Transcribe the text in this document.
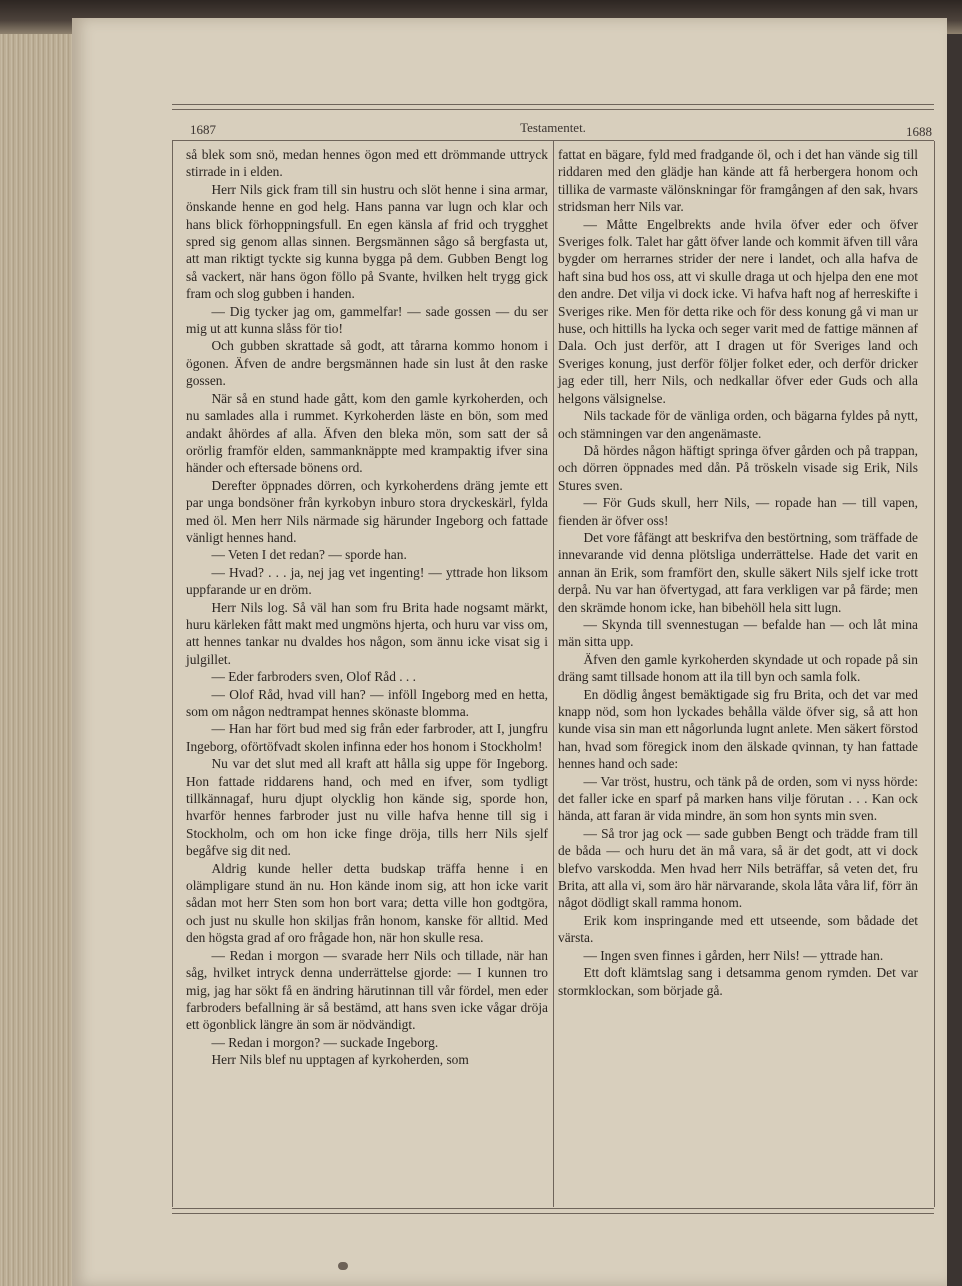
1687	Testamentet.	1688

så blek som snö, medan hennes ögon med ett drömmande uttryck stirrade in i elden.

Herr Nils gick fram till sin hustru och slöt henne i sina armar, önskande henne en god helg. Hans panna var lugn och klar och hans blick förhoppningsfull. En egen känsla af frid och trygghet spred sig genom allas sinnen. Bergsmännen sågo så bergfasta ut, att man riktigt tyckte sig kunna bygga på dem. Gubben Bengt log så vackert, när hans ögon föllo på Svante, hvilken helt trygg gick fram och slog gubben i handen.

— Dig tycker jag om, gammelfar! — sade gossen — du ser mig ut att kunna slåss för tio!

Och gubben skrattade så godt, att tårarna kommo honom i ögonen. Äfven de andre bergsmännen hade sin lust åt den raske gossen.

När så en stund hade gått, kom den gamle kyrkoherden, och nu samlades alla i rummet. Kyrkoherden läste en bön, som med andakt åhördes af alla. Äfven den bleka mön, som satt der så orörlig framför elden, sammanknäppte med krampaktig ifver sina händer och eftersade bönens ord.

Derefter öppnades dörren, och kyrkoherdens dräng jemte ett par unga bondsöner från kyrkobyn inburo stora dryckeskärl, fylda med öl. Men herr Nils närmade sig härunder Ingeborg och fattade vänligt hennes hand.

— Veten I det redan? — sporde han.

— Hvad? . . . ja, nej jag vet ingenting! — yttrade hon liksom uppfarande ur en dröm.

Herr Nils log. Så väl han som fru Brita hade nogsamt märkt, huru kärleken fått makt med ungmöns hjerta, och huru var viss om, att hennes tankar nu dvaldes hos någon, som ännu icke visat sig i julgillet.

— Eder farbroders sven, Olof Råd . . .

— Olof Råd, hvad vill han? — inföll Ingeborg med en hetta, som om någon nedtrampat hennes skönaste blomma.

— Han har fört bud med sig från eder farbroder, att I, jungfru Ingeborg, oförtöfvadt skolen infinna eder hos honom i Stockholm!

Nu var det slut med all kraft att hålla sig uppe för Ingeborg. Hon fattade riddarens hand, och med en ifver, som tydligt tillkännagaf, huru djupt olycklig hon kände sig, sporde hon, hvarför hennes farbroder just nu ville hafva henne till sig i Stockholm, och om hon icke finge dröja, tills herr Nils sjelf begåfve sig dit ned.

Aldrig kunde heller detta budskap träffa henne i en olämpligare stund än nu. Hon kände inom sig, att hon icke varit sådan mot herr Sten som hon bort vara; detta ville hon godtgöra, och just nu skulle hon skiljas från honom, kanske för alltid. Med den högsta grad af oro frågade hon, när hon skulle resa.

— Redan i morgon — svarade herr Nils och tillade, när han såg, hvilket intryck denna underrättelse gjorde: — I kunnen tro mig, jag har sökt få en ändring härutinnan till vår fördel, men eder farbroders befallning är så bestämd, att hans sven icke vågar dröja ett ögonblick längre än som är nödvändigt.

— Redan i morgon? — suckade Ingeborg.

Herr Nils blef nu upptagen af kyrkoherden, som

fattat en bägare, fyld med fradgande öl, och i det han vände sig till riddaren med den glädje han kände att få herbergera honom och tillika de varmaste välönskningar för framgången af den sak, hvars stridsman herr Nils var.

— Måtte Engelbrekts ande hvila öfver eder och öfver Sveriges folk. Talet har gått öfver lande och kommit äfven till våra bygder om herrarnes strider der nere i landet, och alla hafva de haft sina bud hos oss, att vi skulle draga ut och hjelpa den ene mot den andre. Det vilja vi dock icke. Vi hafva haft nog af herreskifte i Sveriges rike. Men för detta rike och för dess konung gå vi man ur huse, och hittills ha lycka och seger varit med de fattige männen af Dala. Och just derför, att I dragen ut för Sveriges land och Sveriges konung, just derför följer folket eder, och derför dricker jag eder till, herr Nils, och nedkallar öfver eder Guds och alla helgons välsignelse.

Nils tackade för de vänliga orden, och bägarna fyldes på nytt, och stämningen var den angenämaste.

Då hördes någon häftigt springa öfver gården och på trappan, och dörren öppnades med dån. På tröskeln visade sig Erik, Nils Stures sven.

— För Guds skull, herr Nils, — ropade han — till vapen, fienden är öfver oss!

Det vore fåfängt att beskrifva den bestörtning, som träffade de innevarande vid denna plötsliga underrättelse. Hade det varit en annan än Erik, som framfört den, skulle säkert Nils sjelf icke trott derpå. Nu var han öfvertygad, att fara verkligen var på färde; men den skrämde honom icke, han bibehöll hela sitt lugn.

— Skynda till svennestugan — befalde han — och låt mina män sitta upp.

Äfven den gamle kyrkoherden skyndade ut och ropade på sin dräng samt tillsade honom att ila till byn och samla folk.

En dödlig ångest bemäktigade sig fru Brita, och det var med knapp nöd, som hon lyckades behålla välde öfver sig, så att hon kunde visa sin man ett någorlunda lugnt anlete. Men säkert förstod han, hvad som föregick inom den älskade qvinnan, ty han fattade hennes hand och sade:

— Var tröst, hustru, och tänk på de orden, som vi nyss hörde: det faller icke en sparf på marken hans vilje förutan . . . Kan ock hända, att faran är vida mindre, än som hon synts min sven.

— Så tror jag ock — sade gubben Bengt och trädde fram till de båda — och huru det än må vara, så är det godt, att vi dock blefvo varskodda. Men hvad herr Nils beträffar, så veten det, fru Brita, att alla vi, som äro här närvarande, skola låta våra lif, förr än något dödligt skall ramma honom.

Erik kom inspringande med ett utseende, som bådade det värsta.

— Ingen sven finnes i gården, herr Nils! — yttrade han.

Ett doft klämtslag sang i detsamma genom rymden. Det var stormklockan, som började gå.
